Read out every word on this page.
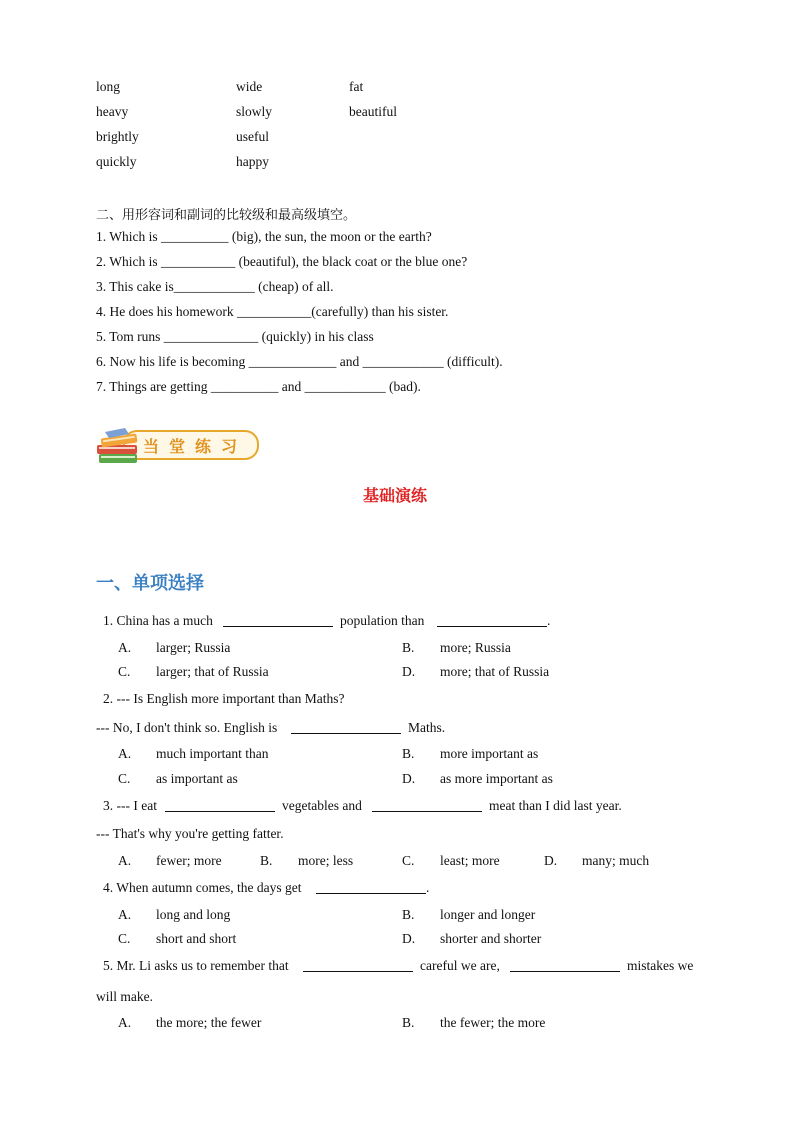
long	wide	fat
heavy	slowly	beautiful
brightly	useful
quickly	happy
二、用形容词和副词的比较级和最高级填空。
1. Which is __________ (big), the sun, the moon or the earth?
2. Which is ___________ (beautiful), the black coat or the blue one?
3. This cake is____________ (cheap) of all.
4. He does his homework ___________(carefully) than his sister.
5. Tom runs ______________ (quickly) in his class
6. Now his life is becoming _____________ and ____________ (difficult).
7. Things are getting __________ and ____________ (bad).
当堂练习
基础演练
一、单项选择
1. China has a much	population than	.
A. larger; Russia	B. more; Russia
C. larger; that of Russia	D. more; that of Russia
2. --- Is English more important than Maths?
--- No, I don't think so. English is	Maths.
A. much important than	B. more important as
C. as important as	D. as more important as
3. --- I eat	vegetables and	meat than I did last year.
--- That's why you're getting fatter.
A. fewer; more	B. more; less	C. least; more	D. many; much
4. When autumn comes, the days get	.
A. long and long	B. longer and longer
C. short and short	D. shorter and shorter
5. Mr. Li asks us to remember that	careful we are,	mistakes we
will make.
A. the more; the fewer	B. the fewer; the more
